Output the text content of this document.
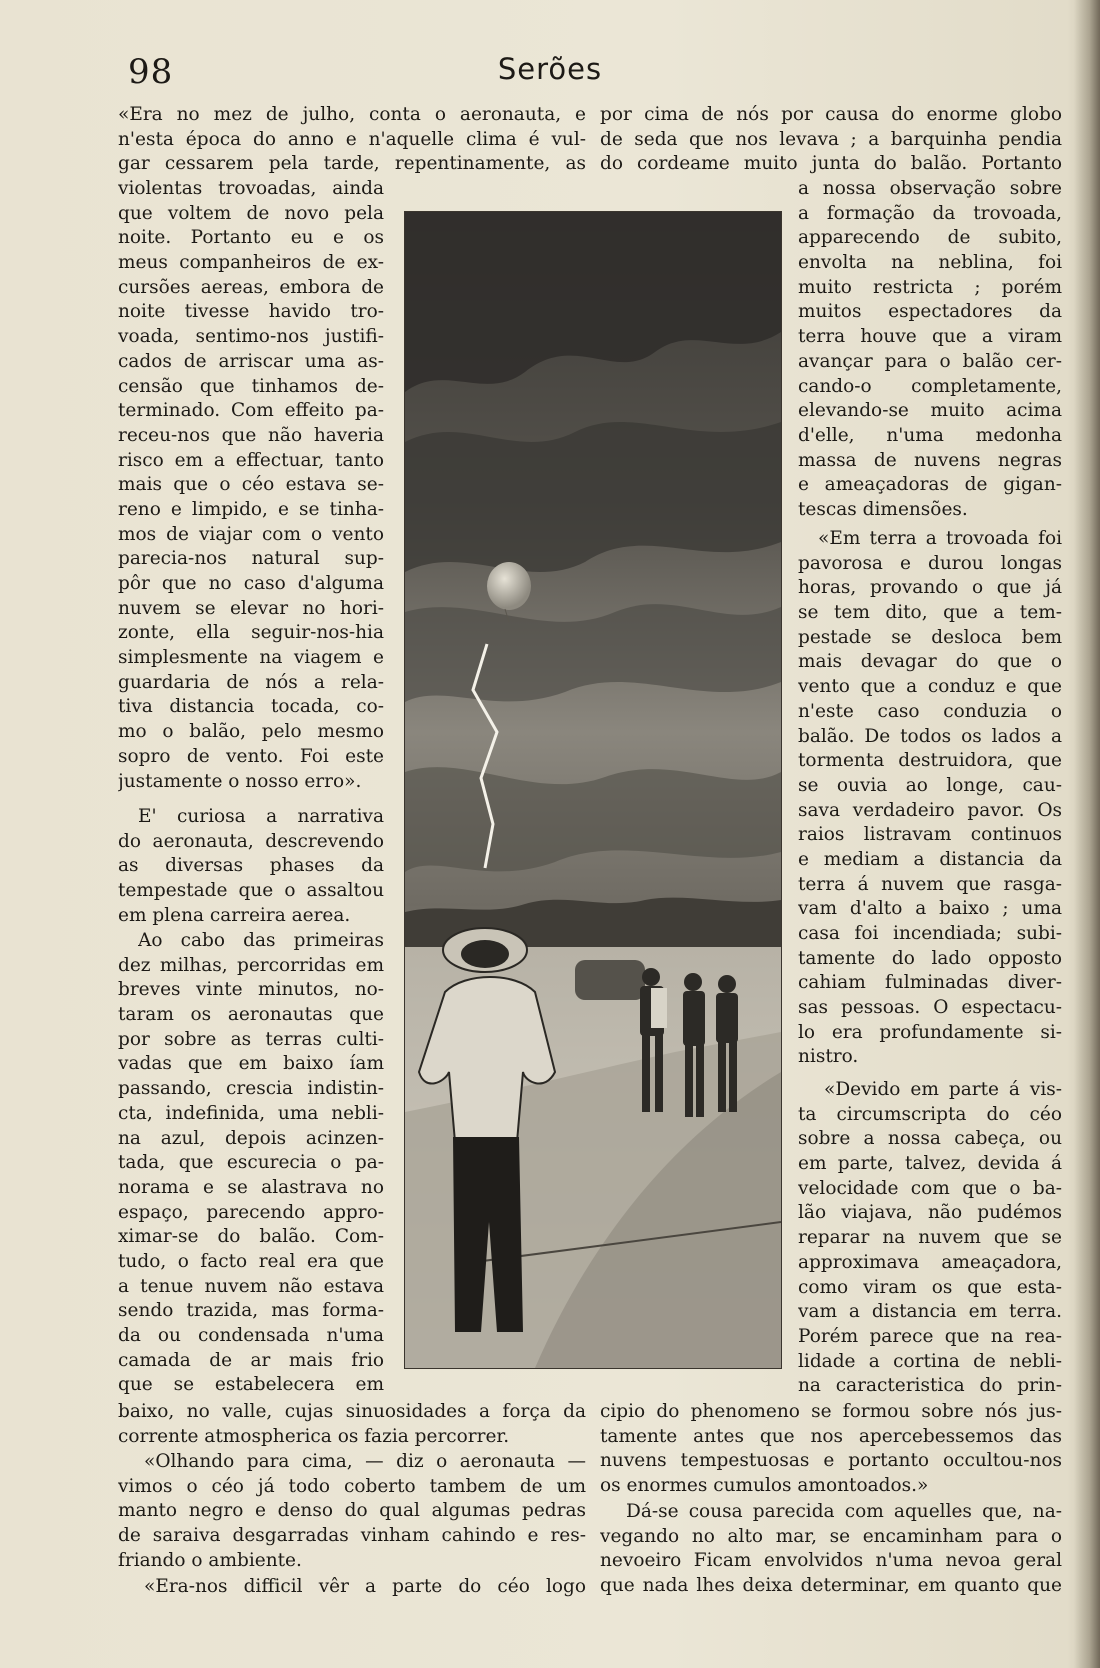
98	Serões
«Era no mez de julho, conta o aeronauta, e
n'esta época do anno e n'aquelle clima é vul-
gar cessarem pela tarde, repentinamente, as
violentas trovoadas, ainda
que voltem de novo pela
noite. Portanto eu e os
meus companheiros de ex-
cursões aereas, embora de
noite tivesse havido tro-
voada, sentimo-nos justifi-
cados de arriscar uma as-
censão que tinhamos de-
terminado. Com effeito pa-
receu-nos que não haveria
risco em a effectuar, tanto
mais que o céo estava se-
reno e limpido, e se tinha-
mos de viajar com o vento
parecia-nos natural sup-
pôr que no caso d'alguma
nuvem se elevar no hori-
zonte, ella seguir-nos-hia
simplesmente na viagem e
guardaria de nós a rela-
tiva distancia tocada, co-
mo o balão, pelo mesmo
sopro de vento. Foi este
justamente o nosso erro».
E' curiosa a narrativa
do aeronauta, descrevendo
as diversas phases da
tempestade que o assaltou
em plena carreira aerea.
Ao cabo das primeiras
dez milhas, percorridas em
breves vinte minutos, no-
taram os aeronautas que
por sobre as terras culti-
vadas que em baixo íam
passando, crescia indistin-
cta, indefinida, uma nebli-
na azul, depois acinzen-
tada, que escurecia o pa-
norama e se alastrava no
espaço, parecendo appro-
ximar-se do balão. Com-
tudo, o facto real era que
a tenue nuvem não estava
sendo trazida, mas forma-
da ou condensada n'uma
camada de ar mais frio
que se estabelecera em
baixo, no valle, cujas sinuosidades a força da
corrente atmospherica os fazia percorrer.
«Olhando para cima, — diz o aeronauta —
vimos o céo já todo coberto tambem de um
manto negro e denso do qual algumas pedras
de saraiva desgarradas vinham cahindo e res-
friando o ambiente.
«Era-nos difficil vêr a parte do céo logo
por cima de nós por causa do enorme globo
de seda que nos levava ; a barquinha pendia
do cordeame muito junta do balão. Portanto
a nossa observação sobre
a formação da trovoada,
apparecendo de subito,
envolta na neblina, foi
muito restricta ; porém
muitos espectadores da
terra houve que a viram
avançar para o balão cer-
cando-o completamente,
elevando-se muito acima
d'elle, n'uma medonha
massa de nuvens negras
e ameaçadoras de gigan-
tescas dimensões.
«Em terra a trovoada foi
pavorosa e durou longas
horas, provando o que já
se tem dito, que a tem-
pestade se desloca bem
mais devagar do que o
vento que a conduz e que
n'este caso conduzia o
balão. De todos os lados a
tormenta destruidora, que
se ouvia ao longe, cau-
sava verdadeiro pavor. Os
raios listravam continuos
e mediam a distancia da
terra á nuvem que rasga-
vam d'alto a baixo ; uma
casa foi incendiada; subi-
tamente do lado opposto
cahiam fulminadas diver-
sas pessoas. O espectacu-
lo era profundamente si-
nistro.
«Devido em parte á vis-
ta circumscripta do céo
sobre a nossa cabeça, ou
em parte, talvez, devida á
velocidade com que o ba-
lão viajava, não pudémos
reparar na nuvem que se
approximava ameaçadora,
como viram os que esta-
vam a distancia em terra.
Porém parece que na rea-
lidade a cortina de nebli-
na caracteristica do prin-
cipio do phenomeno se formou sobre nós jus-
tamente antes que nos apercebessemos das
nuvens tempestuosas e portanto occultou-nos
os enormes cumulos amontoados.»
Dá-se cousa parecida com aquelles que, na-
vegando no alto mar, se encaminham para o
nevoeiro Ficam envolvidos n'uma nevoa geral
que nada lhes deixa determinar, em quanto que
